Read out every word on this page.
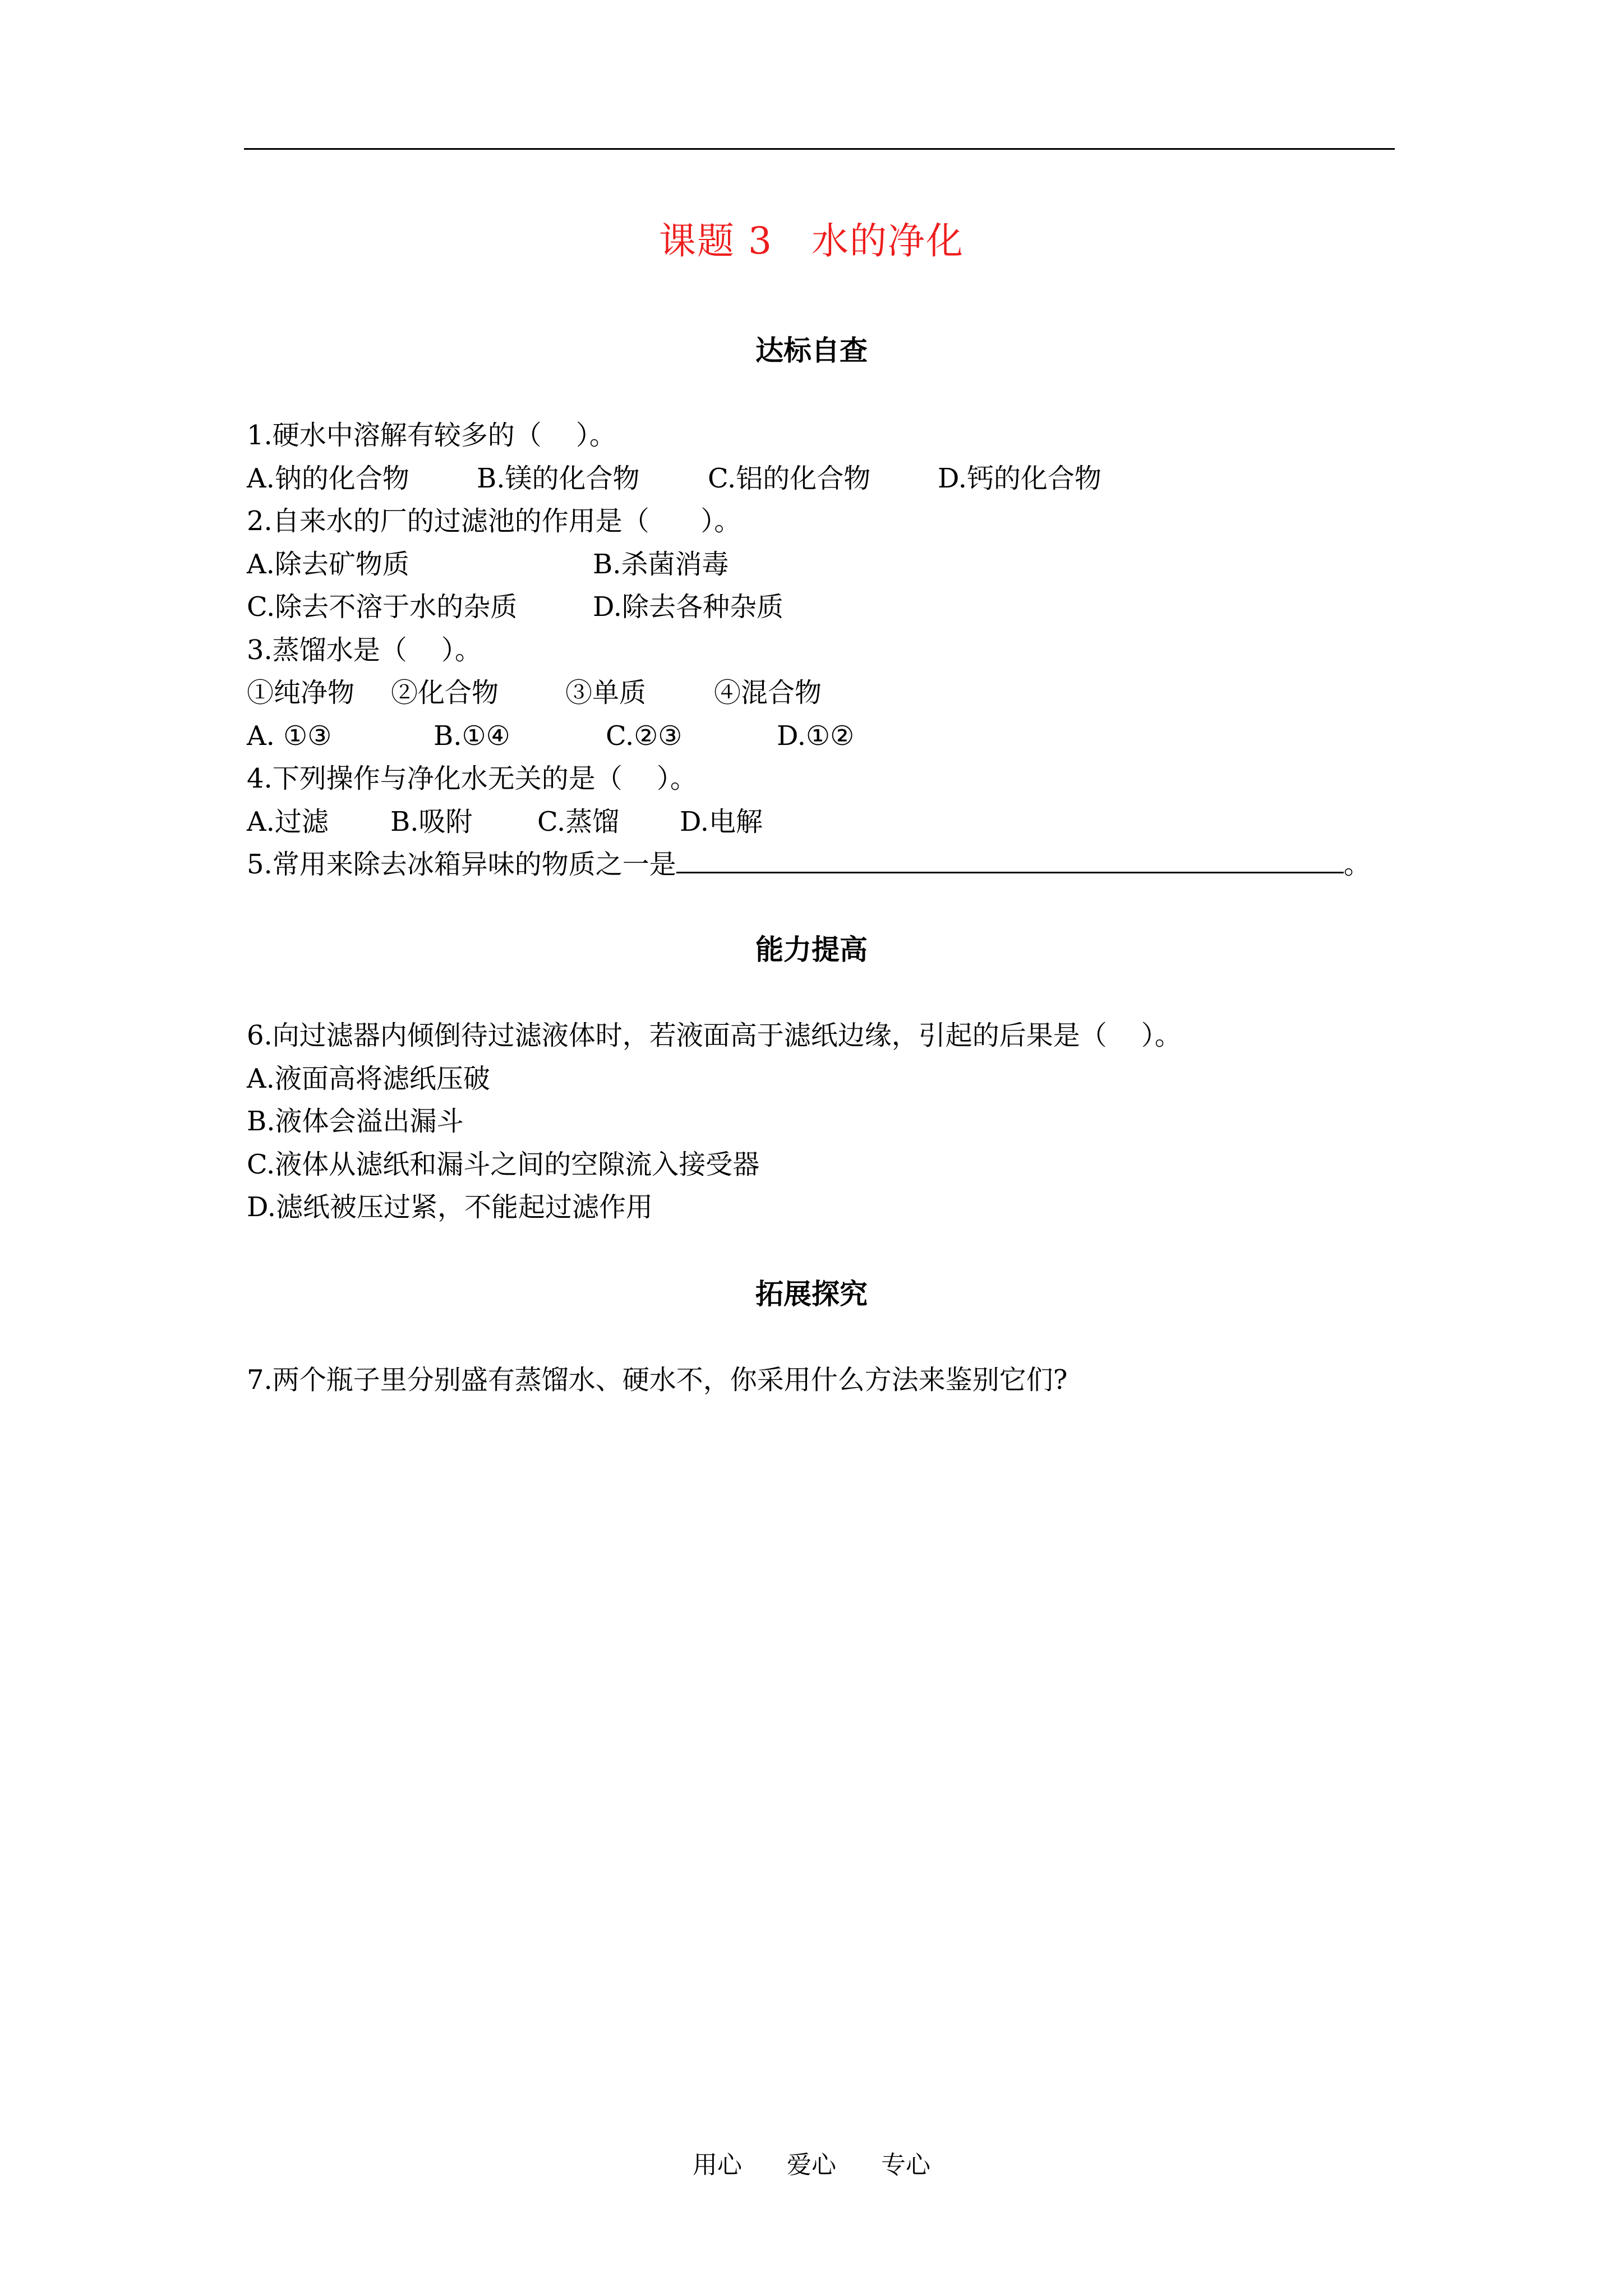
课题 3   水的净化
达标自查
1.硬水中溶解有较多的（    ）。
A.钠的化合物	B.镁的化合物	C.铝的化合物	D.钙的化合物
2.自来水的厂的过滤池的作用是（      ）。
A.除去矿物质	B.杀菌消毒
C.除去不溶于水的杂质	D.除去各种杂质
3.蒸馏水是（    ）。
①纯净物	②化合物	③单质	④混合物
A. ①③	B.①④	C.②③	D.①②
4.下列操作与净化水无关的是（    ）。
A.过滤	B.吸附	C.蒸馏	D.电解
5.常用来除去冰箱异味的物质之一是	。
能力提高
6.向过滤器内倾倒待过滤液体时，若液面高于滤纸边缘，引起的后果是（    ）。
A.液面高将滤纸压破
B.液体会溢出漏斗
C.液体从滤纸和漏斗之间的空隙流入接受器
D.滤纸被压过紧，不能起过滤作用
拓展探究
7.两个瓶子里分别盛有蒸馏水、硬水不，你采用什么方法来鉴别它们?
用心 爱心 专心
